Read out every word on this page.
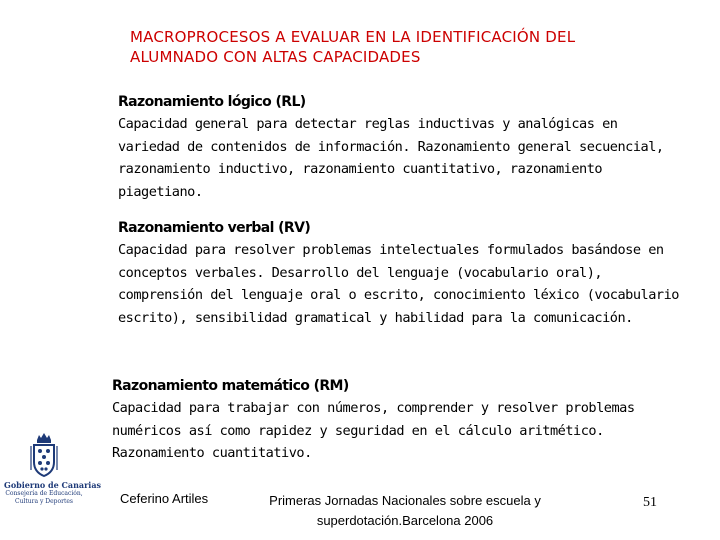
Gobierno de Canarias
Consejería de Educación,
Cultura y Deportes
MACROPROCESOS A EVALUAR EN LA IDENTIFICACIÓN DEL
ALUMNADO CON ALTAS CAPACIDADES
Razonamiento lógico (RL)
Capacidad general para detectar reglas inductivas y analógicas en
variedad de contenidos de información. Razonamiento general secuencial,
razonamiento inductivo, razonamiento cuantitativo, razonamiento
piagetiano.
Razonamiento verbal (RV)
Capacidad para resolver problemas intelectuales formulados basándose en
conceptos verbales. Desarrollo del lenguaje (vocabulario oral),
comprensión del lenguaje oral o escrito, conocimiento léxico (vocabulario
escrito), sensibilidad gramatical y habilidad para la comunicación.
Razonamiento matemático (RM)
Capacidad para trabajar con números, comprender y resolver problemas
numéricos así como rapidez y seguridad en el cálculo aritmético.
Razonamiento cuantitativo.
Ceferino Artiles	Primeras Jornadas Nacionales sobre escuela y
superdotación.Barcelona 2006
51
